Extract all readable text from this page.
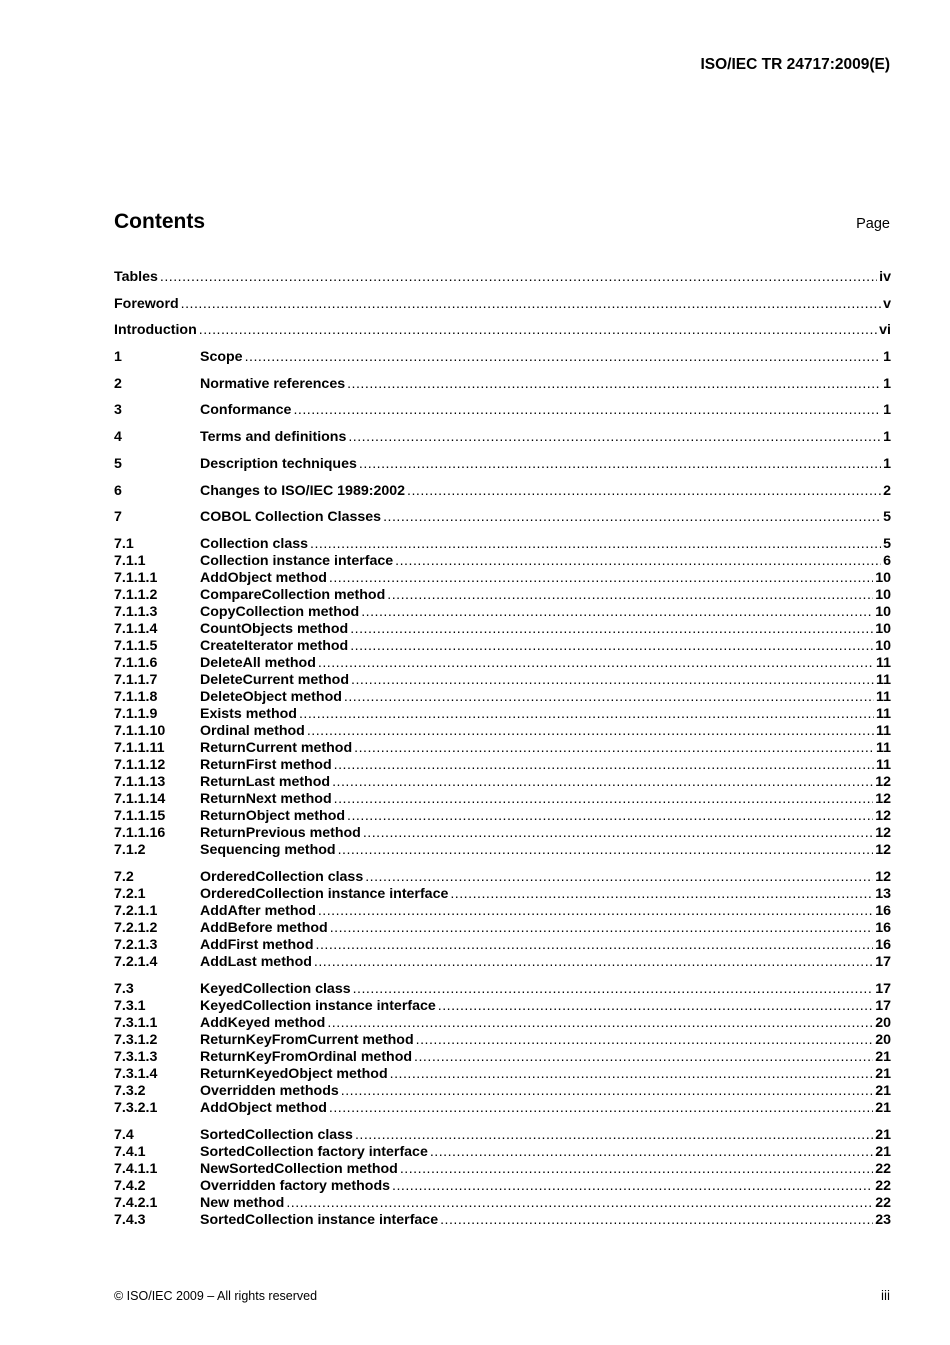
ISO/IEC TR 24717:2009(E)
Contents	Page
Tables .....	iv
Foreword .....	v
Introduction .....	vi
1	Scope .....	1
2	Normative references .....	1
3	Conformance .....	1
4	Terms and definitions .....	1
5	Description techniques .....	1
6	Changes to ISO/IEC 1989:2002 .....	2
7	COBOL Collection Classes .....	5
7.1	Collection class .....	5
7.1.1	Collection instance interface .....	6
7.1.1.1	AddObject method .....	10
7.1.1.2	CompareCollection method .....	10
7.1.1.3	CopyCollection method .....	10
7.1.1.4	CountObjects method .....	10
7.1.1.5	CreateIterator method .....	10
7.1.1.6	DeleteAll method .....	11
7.1.1.7	DeleteCurrent method .....	11
7.1.1.8	DeleteObject method .....	11
7.1.1.9	Exists method .....	11
7.1.1.10	Ordinal method .....	11
7.1.1.11	ReturnCurrent method .....	11
7.1.1.12	ReturnFirst method .....	11
7.1.1.13	ReturnLast method .....	12
7.1.1.14	ReturnNext method .....	12
7.1.1.15	ReturnObject method .....	12
7.1.1.16	ReturnPrevious method .....	12
7.1.2	Sequencing method .....	12
7.2	OrderedCollection class .....	12
7.2.1	OrderedCollection instance interface .....	13
7.2.1.1	AddAfter method .....	16
7.2.1.2	AddBefore method .....	16
7.2.1.3	AddFirst method .....	16
7.2.1.4	AddLast method .....	17
7.3	KeyedCollection class .....	17
7.3.1	KeyedCollection instance interface .....	17
7.3.1.1	AddKeyed method .....	20
7.3.1.2	ReturnKeyFromCurrent method .....	20
7.3.1.3	ReturnKeyFromOrdinal method .....	21
7.3.1.4	ReturnKeyedObject method .....	21
7.3.2	Overridden methods .....	21
7.3.2.1	AddObject method .....	21
7.4	SortedCollection class .....	21
7.4.1	SortedCollection factory interface .....	21
7.4.1.1	NewSortedCollection method .....	22
7.4.2	Overridden factory methods .....	22
7.4.2.1	New method .....	22
7.4.3	SortedCollection instance interface .....	23
© ISO/IEC 2009 – All rights reserved	iii
